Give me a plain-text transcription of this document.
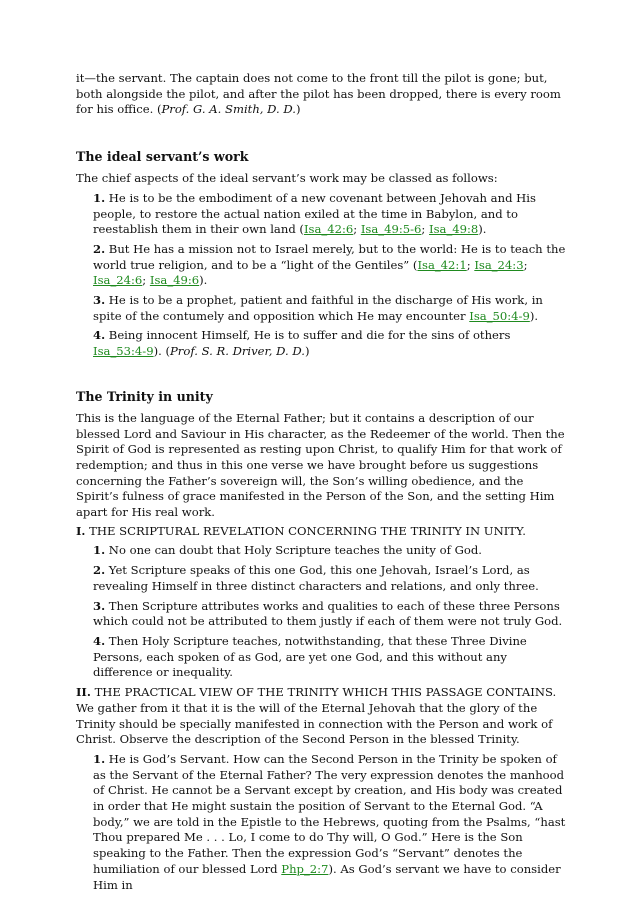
it—the servant. The captain does not come to the front till the pilot is gone; but, both alongside the pilot, and after the pilot has been dropped, there is every room for his office. (Prof. G. A. Smith, D. D.)

The ideal servant’s work

The chief aspects of the ideal servant’s work may be classed as follows:

1. He is to be the embodiment of a new covenant between Jehovah and His people, to restore the actual nation exiled at the time in Babylon, and to reestablish them in their own land (Isa_42:6; Isa_49:5-6; Isa_49:8).

2. But He has a mission not to Israel merely, but to the world: He is to teach the world true religion, and to be a “light of the Gentiles” (Isa_42:1; Isa_24:3; Isa_24:6; Isa_49:6).

3. He is to be a prophet, patient and faithful in the discharge of His work, in spite of the contumely and opposition which He may encounter Isa_50:4-9).

4. Being innocent Himself, He is to suffer and die for the sins of others Isa_53:4-9). (Prof. S. R. Driver, D. D.)

The Trinity in unity

This is the language of the Eternal Father; but it contains a description of our blessed Lord and Saviour in His character, as the Redeemer of the world. Then the Spirit of God is represented as resting upon Christ, to qualify Him for that work of redemption; and thus in this one verse we have brought before us suggestions concerning the Father’s sovereign will, the Son’s willing obedience, and the Spirit’s fulness of grace manifested in the Person of the Son, and the setting Him apart for His real work.

I. THE SCRIPTURAL REVELATION CONCERNING THE TRINITY IN UNITY.

1. No one can doubt that Holy Scripture teaches the unity of God.

2. Yet Scripture speaks of this one God, this one Jehovah, Israel’s Lord, as revealing Himself in three distinct characters and relations, and only three.

3. Then Scripture attributes works and qualities to each of these three Persons which could not be attributed to them justly if each of them were not truly God.

4. Then Holy Scripture teaches, notwithstanding, that these Three Divine Persons, each spoken of as God, are yet one God, and this without any difference or inequality.

II. THE PRACTICAL VIEW OF THE TRINITY WHICH THIS PASSAGE CONTAINS. We gather from it that it is the will of the Eternal Jehovah that the glory of the Trinity should be specially manifested in connection with the Person and work of Christ. Observe the description of the Second Person in the blessed Trinity.

1. He is God’s Servant. How can the Second Person in the Trinity be spoken of as the Servant of the Eternal Father? The very expression denotes the manhood of Christ. He cannot be a Servant except by creation, and His body was created in order that He might sustain the position of Servant to the Eternal God. “A body,” we are told in the Epistle to the Hebrews, quoting from the Psalms, “hast Thou prepared Me . . . Lo, I come to do Thy will, O God.” Here is the Son speaking to the Father. Then the expression God’s “Servant” denotes the humiliation of our blessed Lord Php_2:7). As God’s servant we have to consider Him in
